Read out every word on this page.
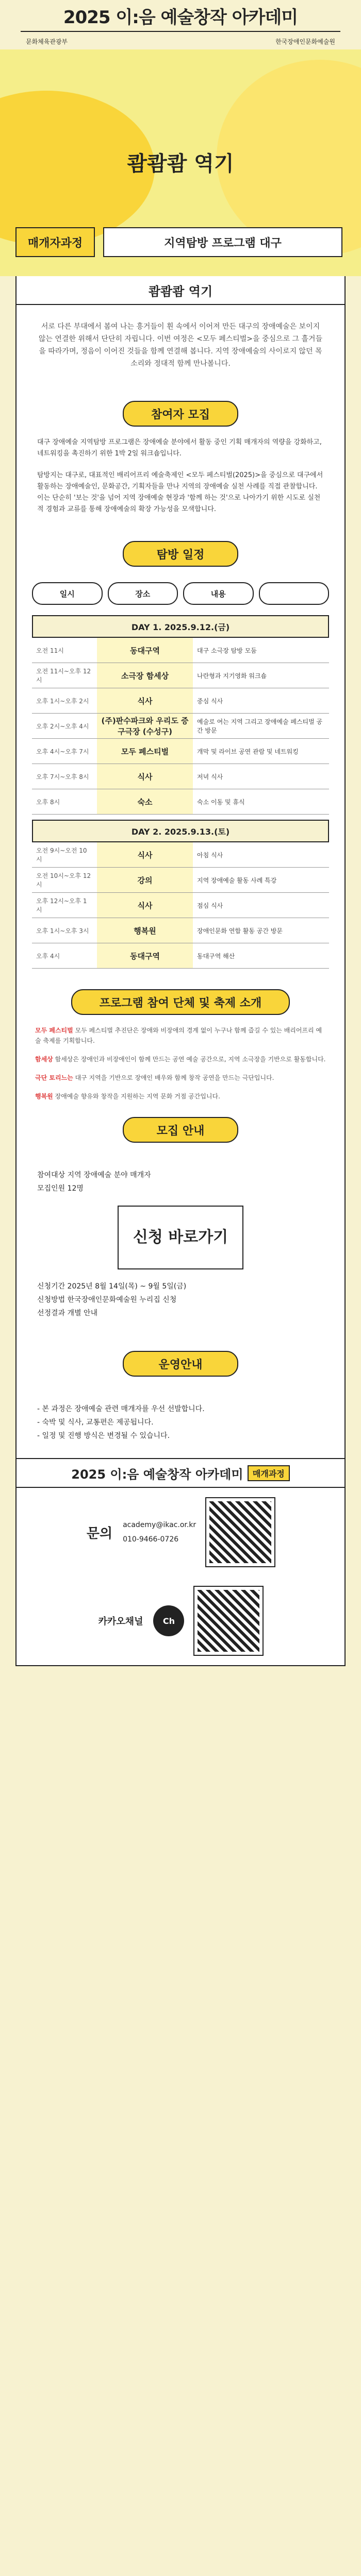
2025 이:음 예술창작 아카데미
문화체육관광부	한국장애인문화예술원
쾀쾀쾀 역기
매개자과정	지역탐방 프로그램 대구
쾀쾀쾀 역기
서로 다른 부대에서 봄여 나는 흥거들이 휜 속에서 이어져 만든 대구의 장애예술은 보이지 않는 연결한 위해서 단단히 자립니다. 이번 여정은 <모두 페스티벌>을 중심으로 그 흘거들을 따라가며, 정음이 이어진 것들을 함께 연결해 봅니다. 지역 장애예술의 사이로지 않던 목소리와 정대적 함께 만나볼니다.
참여자 모집
대구 장애예술 지역탐방 프로그램은 장애예술 분야에서 활동 중인 기획 매개자의 역량을 강화하고, 네트워킹을 촉진하기 위한 1박 2일 워크숍입니다.
탐방지는 대구로, 대표적인 배리어프리 예술축제인 <모두 페스티벌(2025)>을 중심으로 대구에서 활동하는 장애예술인, 문화공간, 기획자들을 만나 지역의 장애예술 실천 사례를 직접 관찰합니다. 이는 단순히 '보는 것'을 넘어 지역 장애예술 현장과 '함께 하는 것'으로 나아가기 위한 시도로 실천적 경험과 교류를 통해 장애예술의 확장 가능성을 모색합니다.
탐방 일정
일시	장소	내용
DAY 1. 2025.9.12.(금)
오전 11시	동대구역	대구 소극장 탐방 모둠
오전 11시~오후 12시	소극장 함세상	나란형과 지기영화 워크숍
오후 1시~오후 2시	식사	중심 식사
오후 2시~오후 4시	(주)판수파크와 우리도 증구극장 (수성구)	예술로 여는 지역 그리고 장애예술 페스티벌 공간 방문
오후 4시~오후 7시	모두 페스티벌	개막 및 라이브 공연 관람 및 네트워킹
오후 7시~오후 8시	식사	저녁 식사
오후 8시	숙소	숙소 이동 및 휴식
DAY 2. 2025.9.13.(토)
오전 9시~오전 10시	식사	아침 식사
오전 10시~오후 12시	강의	지역 장애예술 활동 사례 특강
오후 12시~오후 1시	식사	점심 식사
오후 1시~오후 3시	행복원	장애인문화 연합 활동 공간 방문
오후 4시	동대구역	동대구역 해산
프로그램 참여 단체 및 축제 소개

모두 페스티벌 모두 페스티벌 추진단은 장애와 비장애의 경계 없이 누구나 함께 즐길 수 있는 배리어프리 예술 축제를 기획합니다.

함세상 함세상은 장애인과 비장애인이 함께 만드는 공연 예술 공간으로, 지역 소극장을 기반으로 활동합니다.

극단 토리느는 대구 지역을 기반으로 장애인 배우와 함께 창작 공연을 만드는 극단입니다.

행복원 장애예술 향유와 창작을 지원하는 지역 문화 거점 공간입니다.

모집 안내
참여대상 지역 장애예술 분야 매개자
모집인원 12명
신청 바로가기
신청기간 2025년 8월 14일(목) ~ 9월 5일(금)
신청방법 한국장애인문화예술원 누리집 신청
선정결과 개별 안내
운영안내
- 본 과정은 장애예술 관련 매개자를 우선 선발합니다.
- 숙박 및 식사, 교통편은 제공됩니다.
- 일정 및 진행 방식은 변경될 수 있습니다.
2025 이:음 예술창작 아카데미
	매개과정
문의
academy@ikac.or.kr
010-9466-0726
카카오채널	Ch
